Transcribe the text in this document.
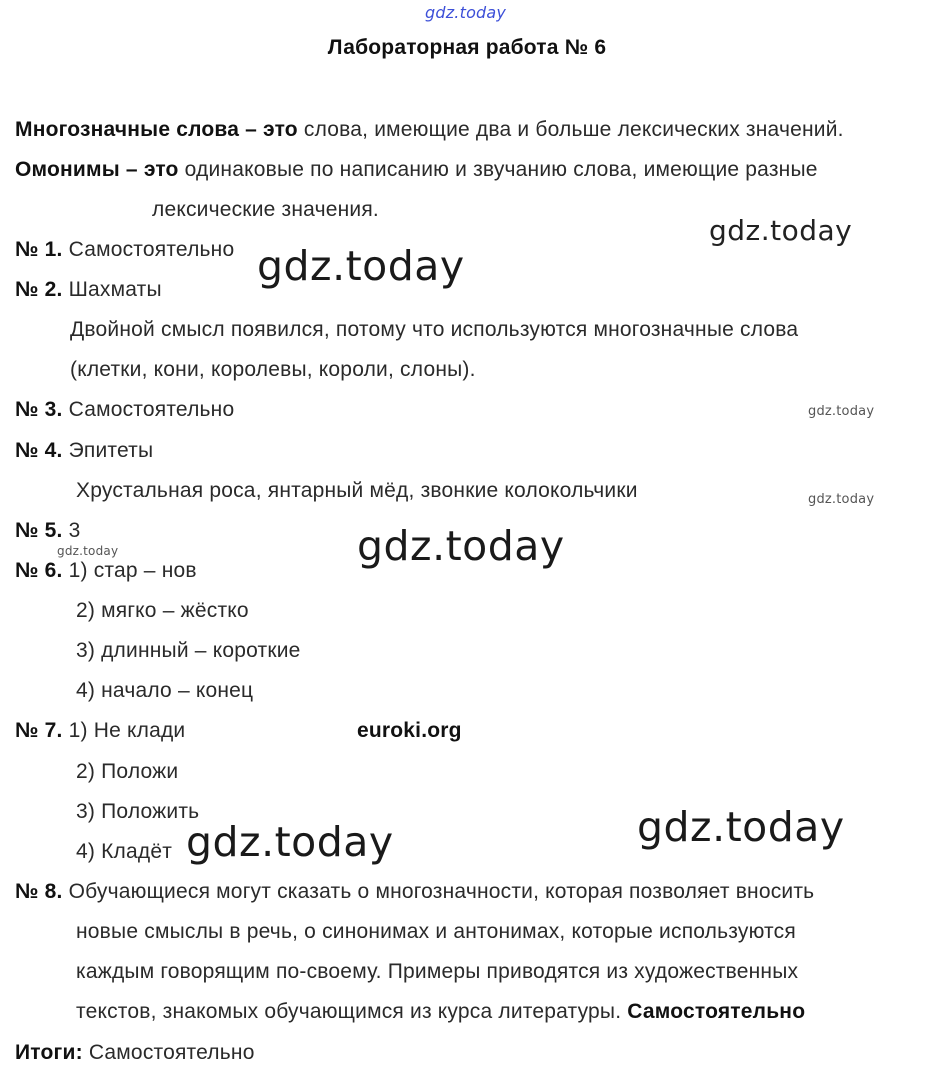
gdz.today
Лабораторная работа № 6
Многозначные слова – это слова, имеющие два и больше лексических значений.
Омонимы – это одинаковые по написанию и звучанию слова, имеющие разные
лексические значения.
gdz.today
№ 1. Самостоятельно gdz.today
№ 2. Шахматы
Двойной смысл появился, потому что используются многозначные слова
(клетки, кони, королевы, короли, слоны).
№ 3. Самостоятельно	gdz.today
№ 4. Эпитеты
Хрустальная роса, янтарный мёд, звонкие колокольчики	gdz.today
№ 5. 3
gdz.today	gdz.today
№ 6. 1) стар – нов
2) мягко – жёстко
3) длинный – короткие
4) начало – конец
№ 7. 1) Не клади	euroki.org
2) Положи
3) Положить
4) Кладёт
gdz.today
gdz.today
№ 8. Обучающиеся могут сказать о многозначности, которая позволяет вносить
новые смыслы в речь, о синонимах и антонимах, которые используются
каждым говорящим по-своему. Примеры приводятся из художественных
текстов, знакомых обучающимся из курса литературы. Самостоятельно
Итоги: Самостоятельно
